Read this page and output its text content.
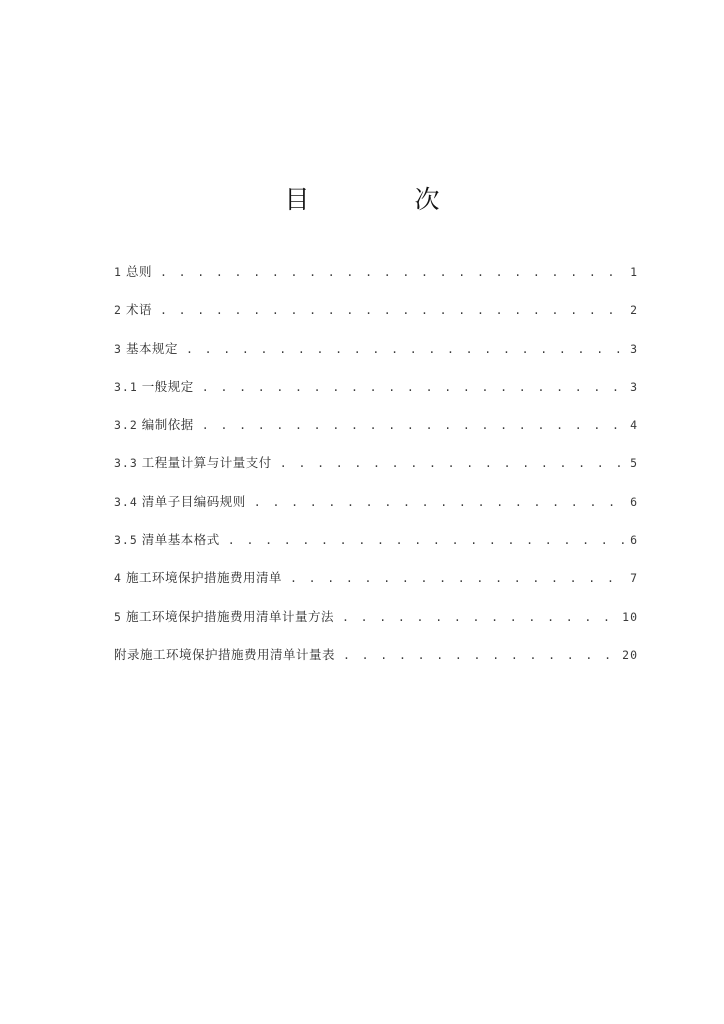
目　次
1 总则 . . .	1
2 术语 . . .	2
3 基本规定 . . .	3
3.1 一般规定 . . .	3
3.2 编制依据 . . .	4
3.3 工程量计算与计量支付 . . .	5
3.4 清单子目编码规则 . . .	6
3.5 清单基本格式 . . .	6
4 施工环境保护措施费用清单 . . .	7
5 施工环境保护措施费用清单计量方法 . . .	10
附录施工环境保护措施费用清单计量表 . . .	20
